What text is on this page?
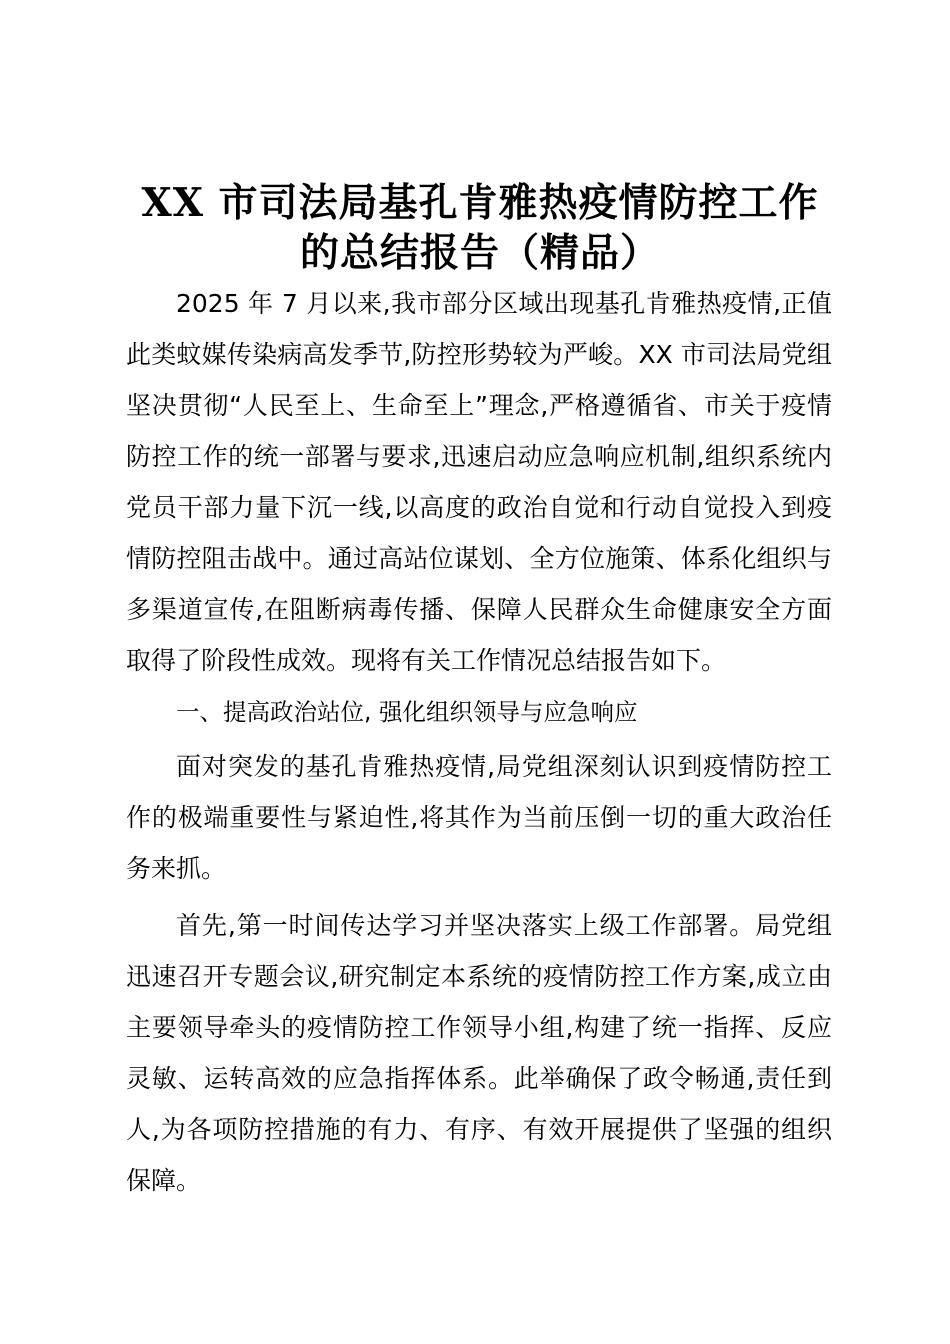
XX 市司法局基孔肯雅热疫情防控工作
的总结报告（精品）

2025 年 7 月以来,我市部分区域出现基孔肯雅热疫情,正值此类蚊媒传染病高发季节,防控形势较为严峻。XX 市司法局党组坚决贯彻“人民至上、生命至上”理念,严格遵循省、市关于疫情防控工作的统一部署与要求,迅速启动应急响应机制,组织系统内党员干部力量下沉一线,以高度的政治自觉和行动自觉投入到疫情防控阻击战中。通过高站位谋划、全方位施策、体系化组织与多渠道宣传,在阻断病毒传播、保障人民群众生命健康安全方面取得了阶段性成效。现将有关工作情况总结报告如下。

一、提高政治站位, 强化组织领导与应急响应

面对突发的基孔肯雅热疫情,局党组深刻认识到疫情防控工作的极端重要性与紧迫性,将其作为当前压倒一切的重大政治任务来抓。

首先,第一时间传达学习并坚决落实上级工作部署。局党组迅速召开专题会议,研究制定本系统的疫情防控工作方案,成立由主要领导牵头的疫情防控工作领导小组,构建了统一指挥、反应灵敏、运转高效的应急指挥体系。此举确保了政令畅通,责任到人,为各项防控措施的有力、有序、有效开展提供了坚强的组织保障。
